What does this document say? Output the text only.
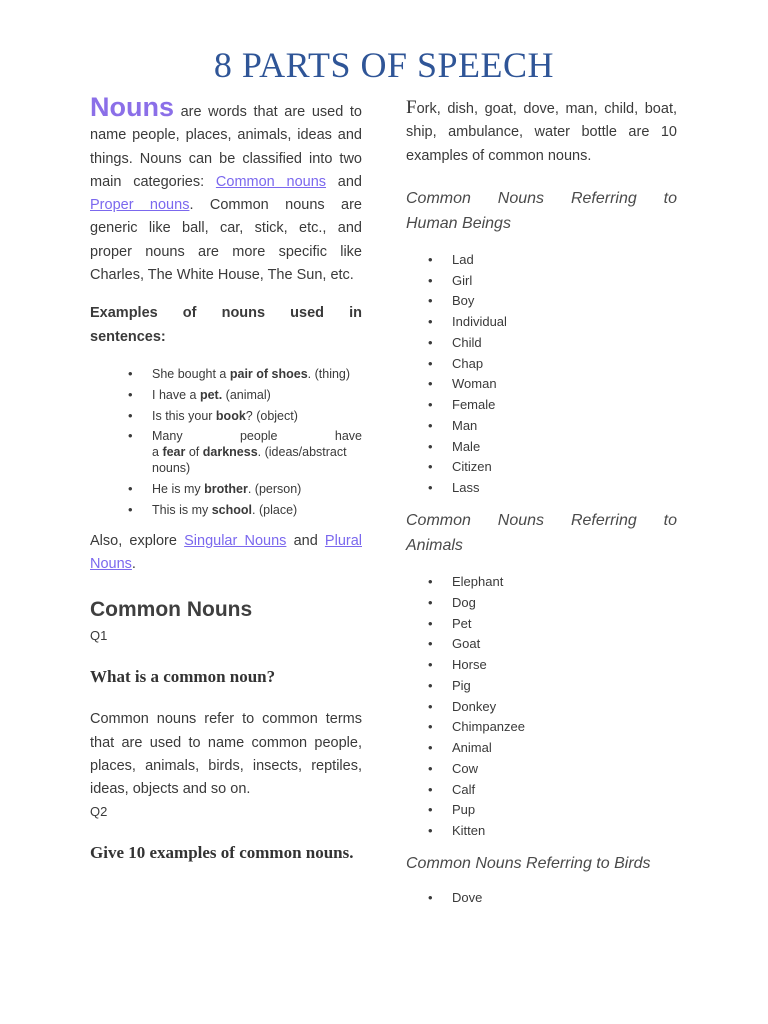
8 PARTS OF SPEECH

Nouns are words that are used to name people, places, animals, ideas and things. Nouns can be classified into two main categories: Common nouns and Proper nouns. Common nouns are generic like ball, car, stick, etc., and proper nouns are more specific like Charles, The White House, The Sun, etc.

Examples of nouns used in
sentences:

• She bought a pair of shoes. (thing)
• I have a pet. (animal)
• Is this your book? (object)
• Many people have
a fear of darkness. (ideas/abstract nouns)
• He is my brother. (person)
• This is my school. (place)

Also, explore Singular Nouns and Plural Nouns.

Common Nouns

Q1

What is a common noun?

Common nouns refer to common terms that are used to name common people, places, animals, birds, insects, reptiles, ideas, objects and so on.

Q2

Give 10 examples of common nouns.

Fork, dish, goat, dove, man, child, boat, ship, ambulance, water bottle are 10 examples of common nouns.

Common Nouns Referring to
Human Beings

• Lad
• Girl
• Boy
• Individual
• Child
• Chap
• Woman
• Female
• Man
• Male
• Citizen
• Lass

Common Nouns Referring to
Animals

• Elephant
• Dog
• Pet
• Goat
• Horse
• Pig
• Donkey
• Chimpanzee
• Animal
• Cow
• Calf
• Pup
• Kitten

Common Nouns Referring to Birds

• Dove
